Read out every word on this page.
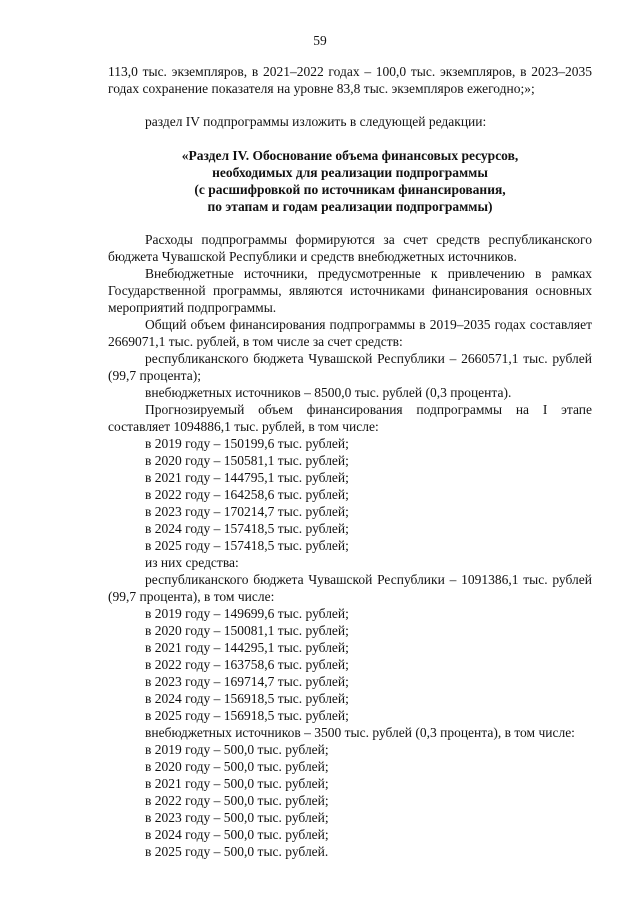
59

113,0 тыс. экземпляров, в 2021–2022 годах – 100,0 тыс. экземпляров, в 2023–2035 годах сохранение показателя на уровне 83,8 тыс. экземпляров ежегодно;»;

раздел IV подпрограммы изложить в следующей редакции:

«Раздел IV. Обоснование объема финансовых ресурсов,

необходимых для реализации подпрограммы

(с расшифровкой по источникам финансирования,

по этапам и годам реализации подпрограммы)

Расходы подпрограммы формируются за счет средств республиканского бюджета Чувашской Республики и средств внебюджетных источников.

Внебюджетные источники, предусмотренные к привлечению в рамках Государственной программы, являются источниками финансирования основных мероприятий подпрограммы.

Общий объем финансирования подпрограммы в 2019–2035 годах составляет 2669071,1 тыс. рублей, в том числе за счет средств:

республиканского бюджета Чувашской Республики – 2660571,1 тыс. рублей (99,7 процента);

внебюджетных источников – 8500,0 тыс. рублей (0,3 процента).

Прогнозируемый объем финансирования подпрограммы на I этапе составляет 1094886,1 тыс. рублей, в том числе:

в 2019 году – 150199,6 тыс. рублей;

в 2020 году – 150581,1 тыс. рублей;

в 2021 году – 144795,1 тыс. рублей;

в 2022 году – 164258,6 тыс. рублей;

в 2023 году – 170214,7 тыс. рублей;

в 2024 году – 157418,5 тыс. рублей;

в 2025 году – 157418,5 тыс. рублей;

из них средства:

республиканского бюджета Чувашской Республики – 1091386,1 тыс. рублей (99,7 процента), в том числе:

в 2019 году – 149699,6 тыс. рублей;

в 2020 году – 150081,1 тыс. рублей;

в 2021 году – 144295,1 тыс. рублей;

в 2022 году – 163758,6 тыс. рублей;

в 2023 году – 169714,7 тыс. рублей;

в 2024 году – 156918,5 тыс. рублей;

в 2025 году – 156918,5 тыс. рублей;

внебюджетных источников – 3500 тыс. рублей (0,3 процента), в том числе:

в 2019 году – 500,0 тыс. рублей;

в 2020 году – 500,0 тыс. рублей;

в 2021 году – 500,0 тыс. рублей;

в 2022 году – 500,0 тыс. рублей;

в 2023 году – 500,0 тыс. рублей;

в 2024 году – 500,0 тыс. рублей;

в 2025 году – 500,0 тыс. рублей.
